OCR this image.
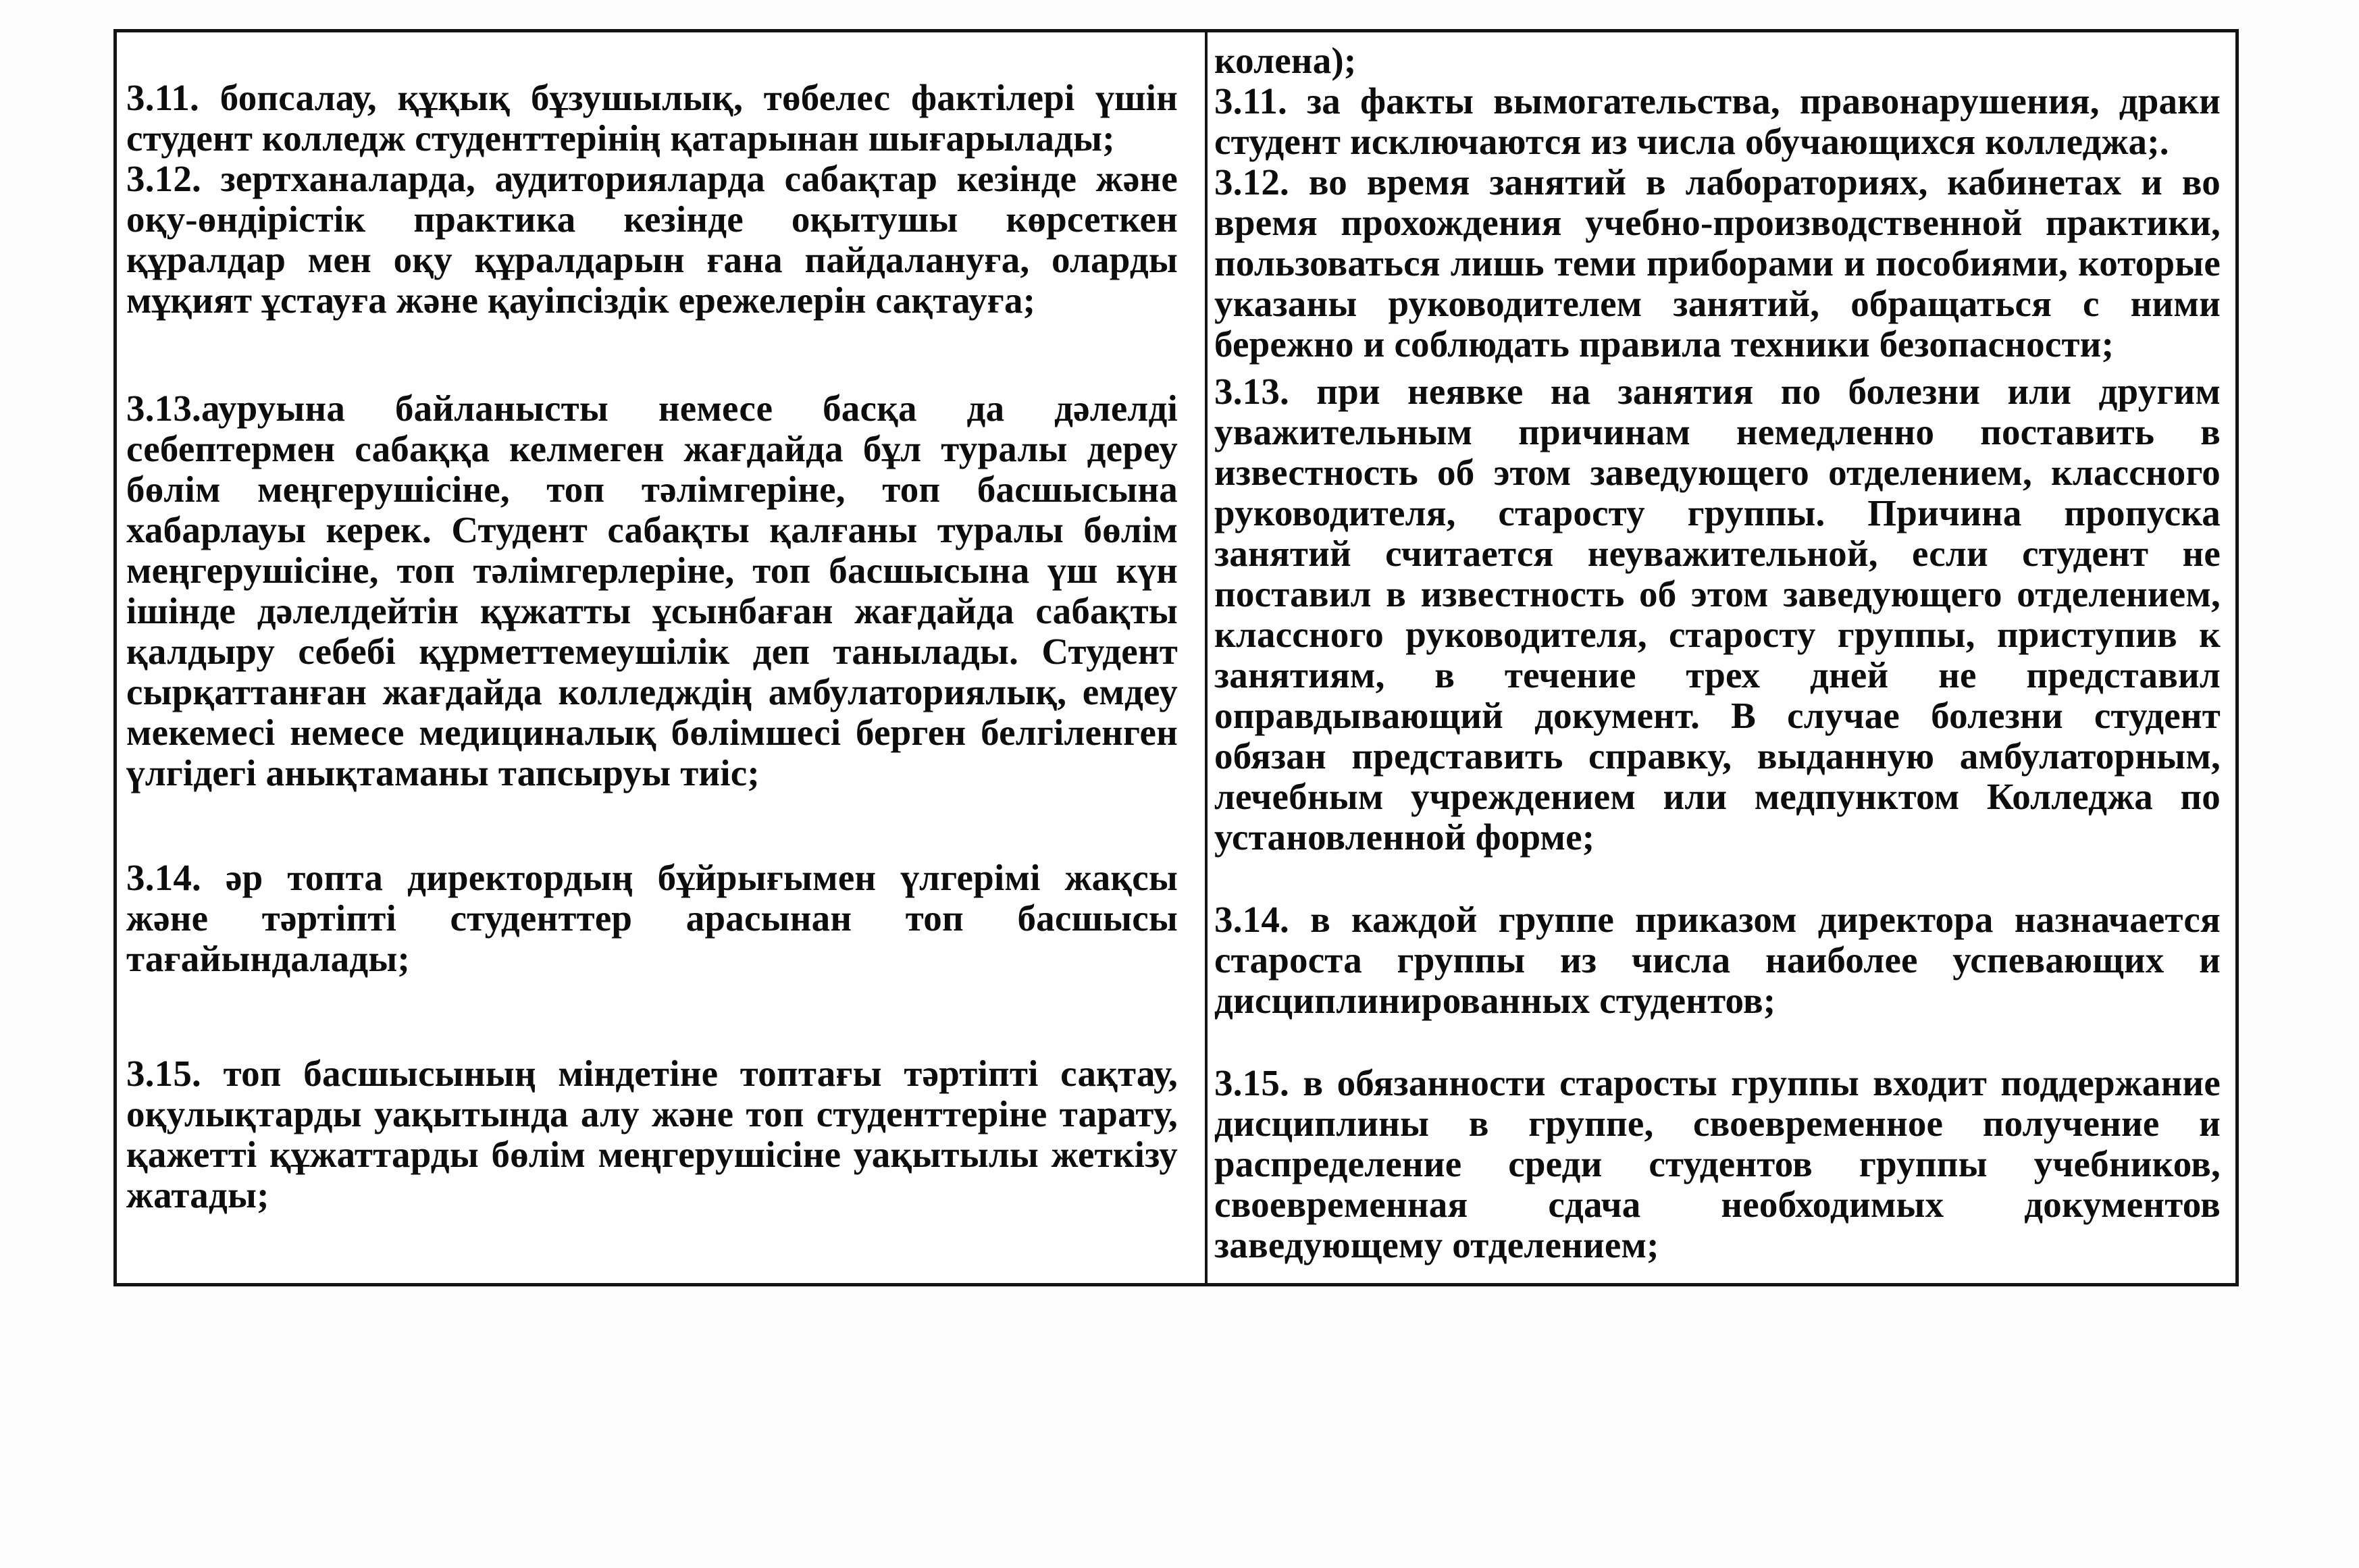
3.11. бопсалау, құқық бұзушылық, төбелес фактілері үшін студент колледж студенттерінің қатарынан шығарылады;

3.12. зертханаларда, аудиторияларда сабақтар кезінде және оқу-өндірістік практика кезінде оқытушы көрсеткен құралдар мен оқу құралдарын ғана пайдалануға, оларды мұқият ұстауға және қауіпсіздік ережелерін сақтауға;

3.13.ауруына байланысты немесе басқа да дәлелді себептермен сабаққа келмеген жағдайда бұл туралы дереу бөлім меңгерушісіне, топ тәлімгеріне, топ басшысына хабарлауы керек. Студент сабақты қалғаны туралы бөлім меңгерушісіне, топ тәлімгерлеріне, топ басшысына үш күн ішінде дәлелдейтін құжатты ұсынбаған жағдайда сабақты қалдыру себебі құрметтемеушілік деп танылады. Студент сырқаттанған жағдайда колледждің амбулаториялық, емдеу мекемесі немесе медициналық бөлімшесі берген белгіленген үлгідегі анықтаманы тапсыруы тиіс;

3.14. әр топта директордың бұйрығымен үлгерімі жақсы және тәртіпті студенттер арасынан топ басшысы тағайындалады;

3.15. топ басшысының міндетіне топтағы тәртіпті сақтау, оқулықтарды уақытында алу және топ студенттеріне тарату, қажетті құжаттарды бөлім меңгерушісіне уақытылы жеткізу жатады;

колена);

3.11. за факты вымогательства, правонарушения, драки студент исключаются из числа обучающихся колледжа;.

3.12. во время занятий в лабораториях, кабинетах и во время прохождения учебно-производственной практики, пользоваться лишь теми приборами и пособиями, которые указаны руководителем занятий, обращаться с ними бережно и соблюдать правила техники безопасности;

3.13. при неявке на занятия по болезни или другим уважительным причинам немедленно поставить в известность об этом заведующего отделением, классного руководителя, старосту группы. Причина пропуска занятий считается неуважительной, если студент не поставил в известность об этом заведующего отделением, классного руководителя, старосту группы, приступив к занятиям, в течение трех дней не представил оправдывающий документ. В случае болезни студент обязан представить справку, выданную амбулаторным, лечебным учреждением или медпунктом Колледжа по установленной форме;

3.14. в каждой группе приказом директора назначается староста группы из числа наиболее успевающих и дисциплинированных студентов;

3.15. в обязанности старосты группы входит поддержание дисциплины в группе, своевременное получение и распределение среди студентов группы учебников, своевременная сдача необходимых документов заведующему отделением;
